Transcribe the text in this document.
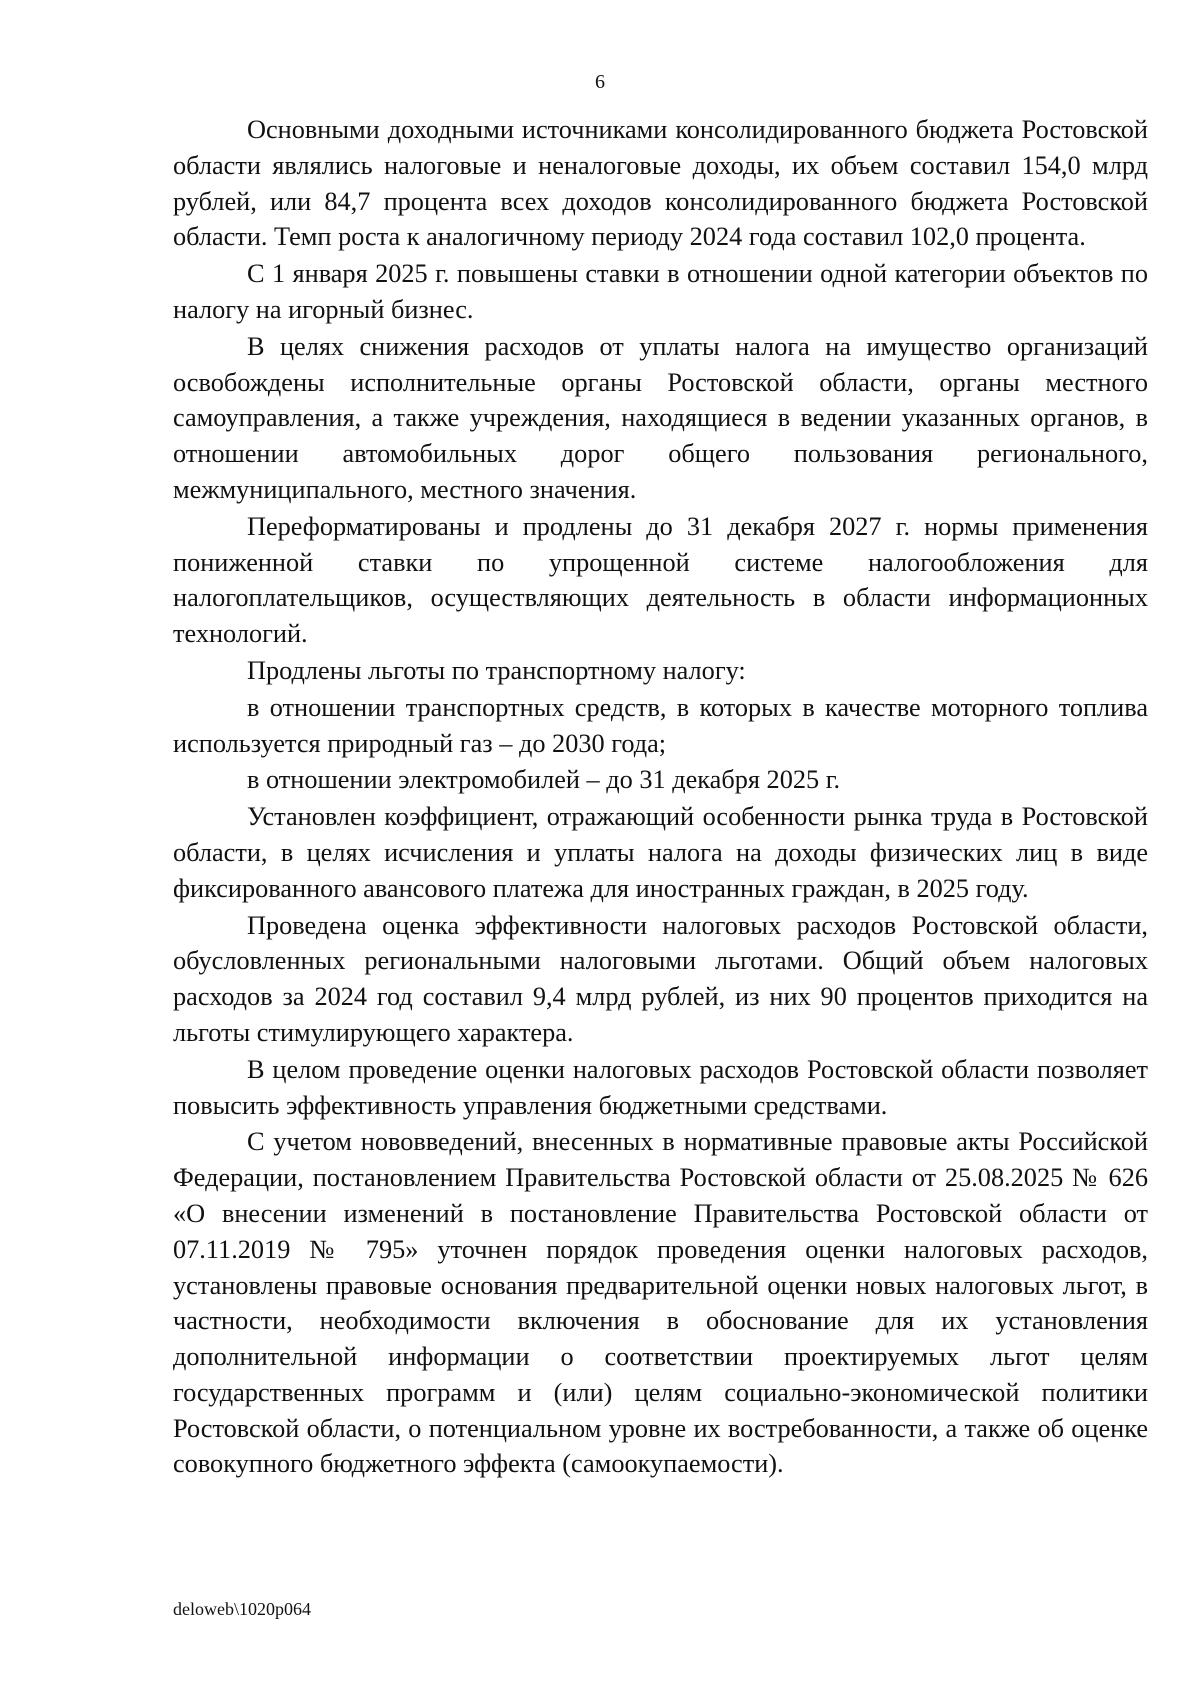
6

Основными доходными источниками консолидированного бюджета Ростовской области являлись налоговые и неналоговые доходы, их объем составил 154,0 млрд рублей, или 84,7 процента всех доходов консолидированного бюджета Ростовской области. Темп роста к аналогичному периоду 2024 года составил 102,0 процента.

С 1 января 2025 г. повышены ставки в отношении одной категории объектов по налогу на игорный бизнес.

В целях снижения расходов от уплаты налога на имущество организаций освобождены исполнительные органы Ростовской области, органы местного самоуправления, а также учреждения, находящиеся в ведении указанных органов, в отношении автомобильных дорог общего пользования регионального, межмуниципального, местного значения.

Переформатированы и продлены до 31 декабря 2027 г. нормы применения пониженной ставки по упрощенной системе налогообложения для налогоплательщиков, осуществляющих деятельность в области информационных технологий.

Продлены льготы по транспортному налогу:

в отношении транспортных средств, в которых в качестве моторного топлива используется природный газ – до 2030 года;

в отношении электромобилей – до 31 декабря 2025 г.

Установлен коэффициент, отражающий особенности рынка труда в Ростовской области, в целях исчисления и уплаты налога на доходы физических лиц в виде фиксированного авансового платежа для иностранных граждан, в 2025 году.

Проведена оценка эффективности налоговых расходов Ростовской области, обусловленных региональными налоговыми льготами. Общий объем налоговых расходов за 2024 год составил 9,4 млрд рублей, из них 90 процентов приходится на льготы стимулирующего характера.

В целом проведение оценки налоговых расходов Ростовской области позволяет повысить эффективность управления бюджетными средствами.

С учетом нововведений, внесенных в нормативные правовые акты Российской Федерации, постановлением Правительства Ростовской области от 25.08.2025 № 626 «О внесении изменений в постановление Правительства Ростовской области от 07.11.2019 № 795» уточнен порядок проведения оценки налоговых расходов, установлены правовые основания предварительной оценки новых налоговых льгот, в частности, необходимости включения в обоснование для их установления дополнительной информации о соответствии проектируемых льгот целям государственных программ и (или) целям социально-экономической политики Ростовской области, о потенциальном уровне их востребованности, а также об оценке совокупного бюджетного эффекта (самоокупаемости).

deloweb\1020p064
